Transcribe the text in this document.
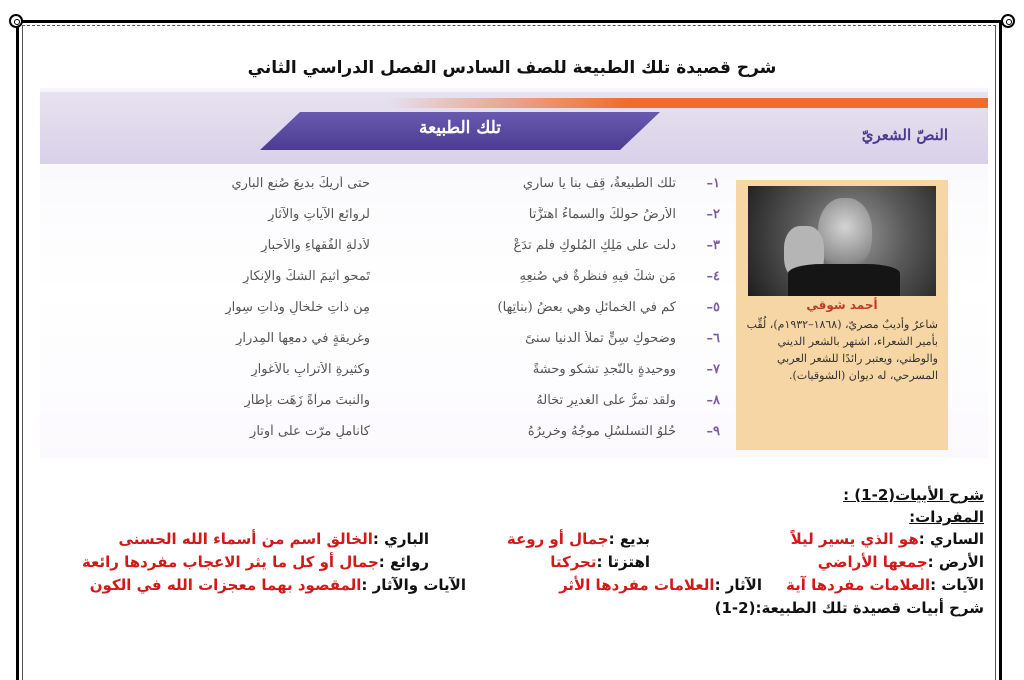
شرح قصيدة تلك الطبيعة للصف السادس الفصل الدراسي الثاني
تلك الطبيعة	النصّ الشعريّ
أحمد شوقي
شاعرٌ وأديبٌ مصريّ، (١٨٦٨–١٩٣٢م)، لُقِّب بأمير الشعراء، اشتهر بالشعر الديني والوطني، ويعتبر رائدًا للشعر العربي المسرحي، له ديوان (الشوقيات).
١–
تلك الطبيعةُ، قِف بنا يا ساري
حتى أُريكَ بديعَ صُنعِ الباري
٢–
الأرضُ حولَكَ والسماءُ اهتزَّتا
لروائعِ الآياتِ والآثارِ
٣–
دلّت على مَلِكِ المُلوكِ فلم تدَعْ
لأدلّةِ الفُقهاءِ والأحبارِ
٤–
مَن شكَّ فيهِ فنظرةٌ في صُنعِهِ
تَمحو أثيمَ الشكِّ والإنكارِ
٥–
كم في الخمائلِ وهي بعضُ (بناتِها)
مِن ذاتِ خلخالٍ وذاتِ سِوارِ
٦–
وضحوكِ سِنٍّ تملأُ الدنيا سنىً
وغريقةٍ في دمعِها المِدرارِ
٧–
ووحيدةٍ بالنّجدِ تشكو وحشةً
وكثيرةِ الأترابِ بالأغوارِ
٨–
ولقد تمرُّ على الغديرِ تخالُهُ
والنبتَ مرآةً زَهَت بإطارِ
٩–
حُلوُ التسلسُلِ موجُهُ وخريرُهُ
كأناملٍ مرّت على أوتارِ
شرح الأبيات(2-1) :
المفردات:
الساري :هو الذي يسير ليلاً
بديع :جمال أو روعة
الباري :الخالق اسم من أسماء الله الحسنى
الأرض :جمعها الأراضي
اهتزتا :تحركتا
روائع :جمال أو كل ما يثر الاعجاب مفردها رائعة
الآيات :العلامات مفردها آية
الآثار :العلامات مفردها الأثر
الآيات والآثار :المقصود بهما معجزات الله في الكون
شرح أبيات قصيدة تلك الطبيعة:(2-1)
